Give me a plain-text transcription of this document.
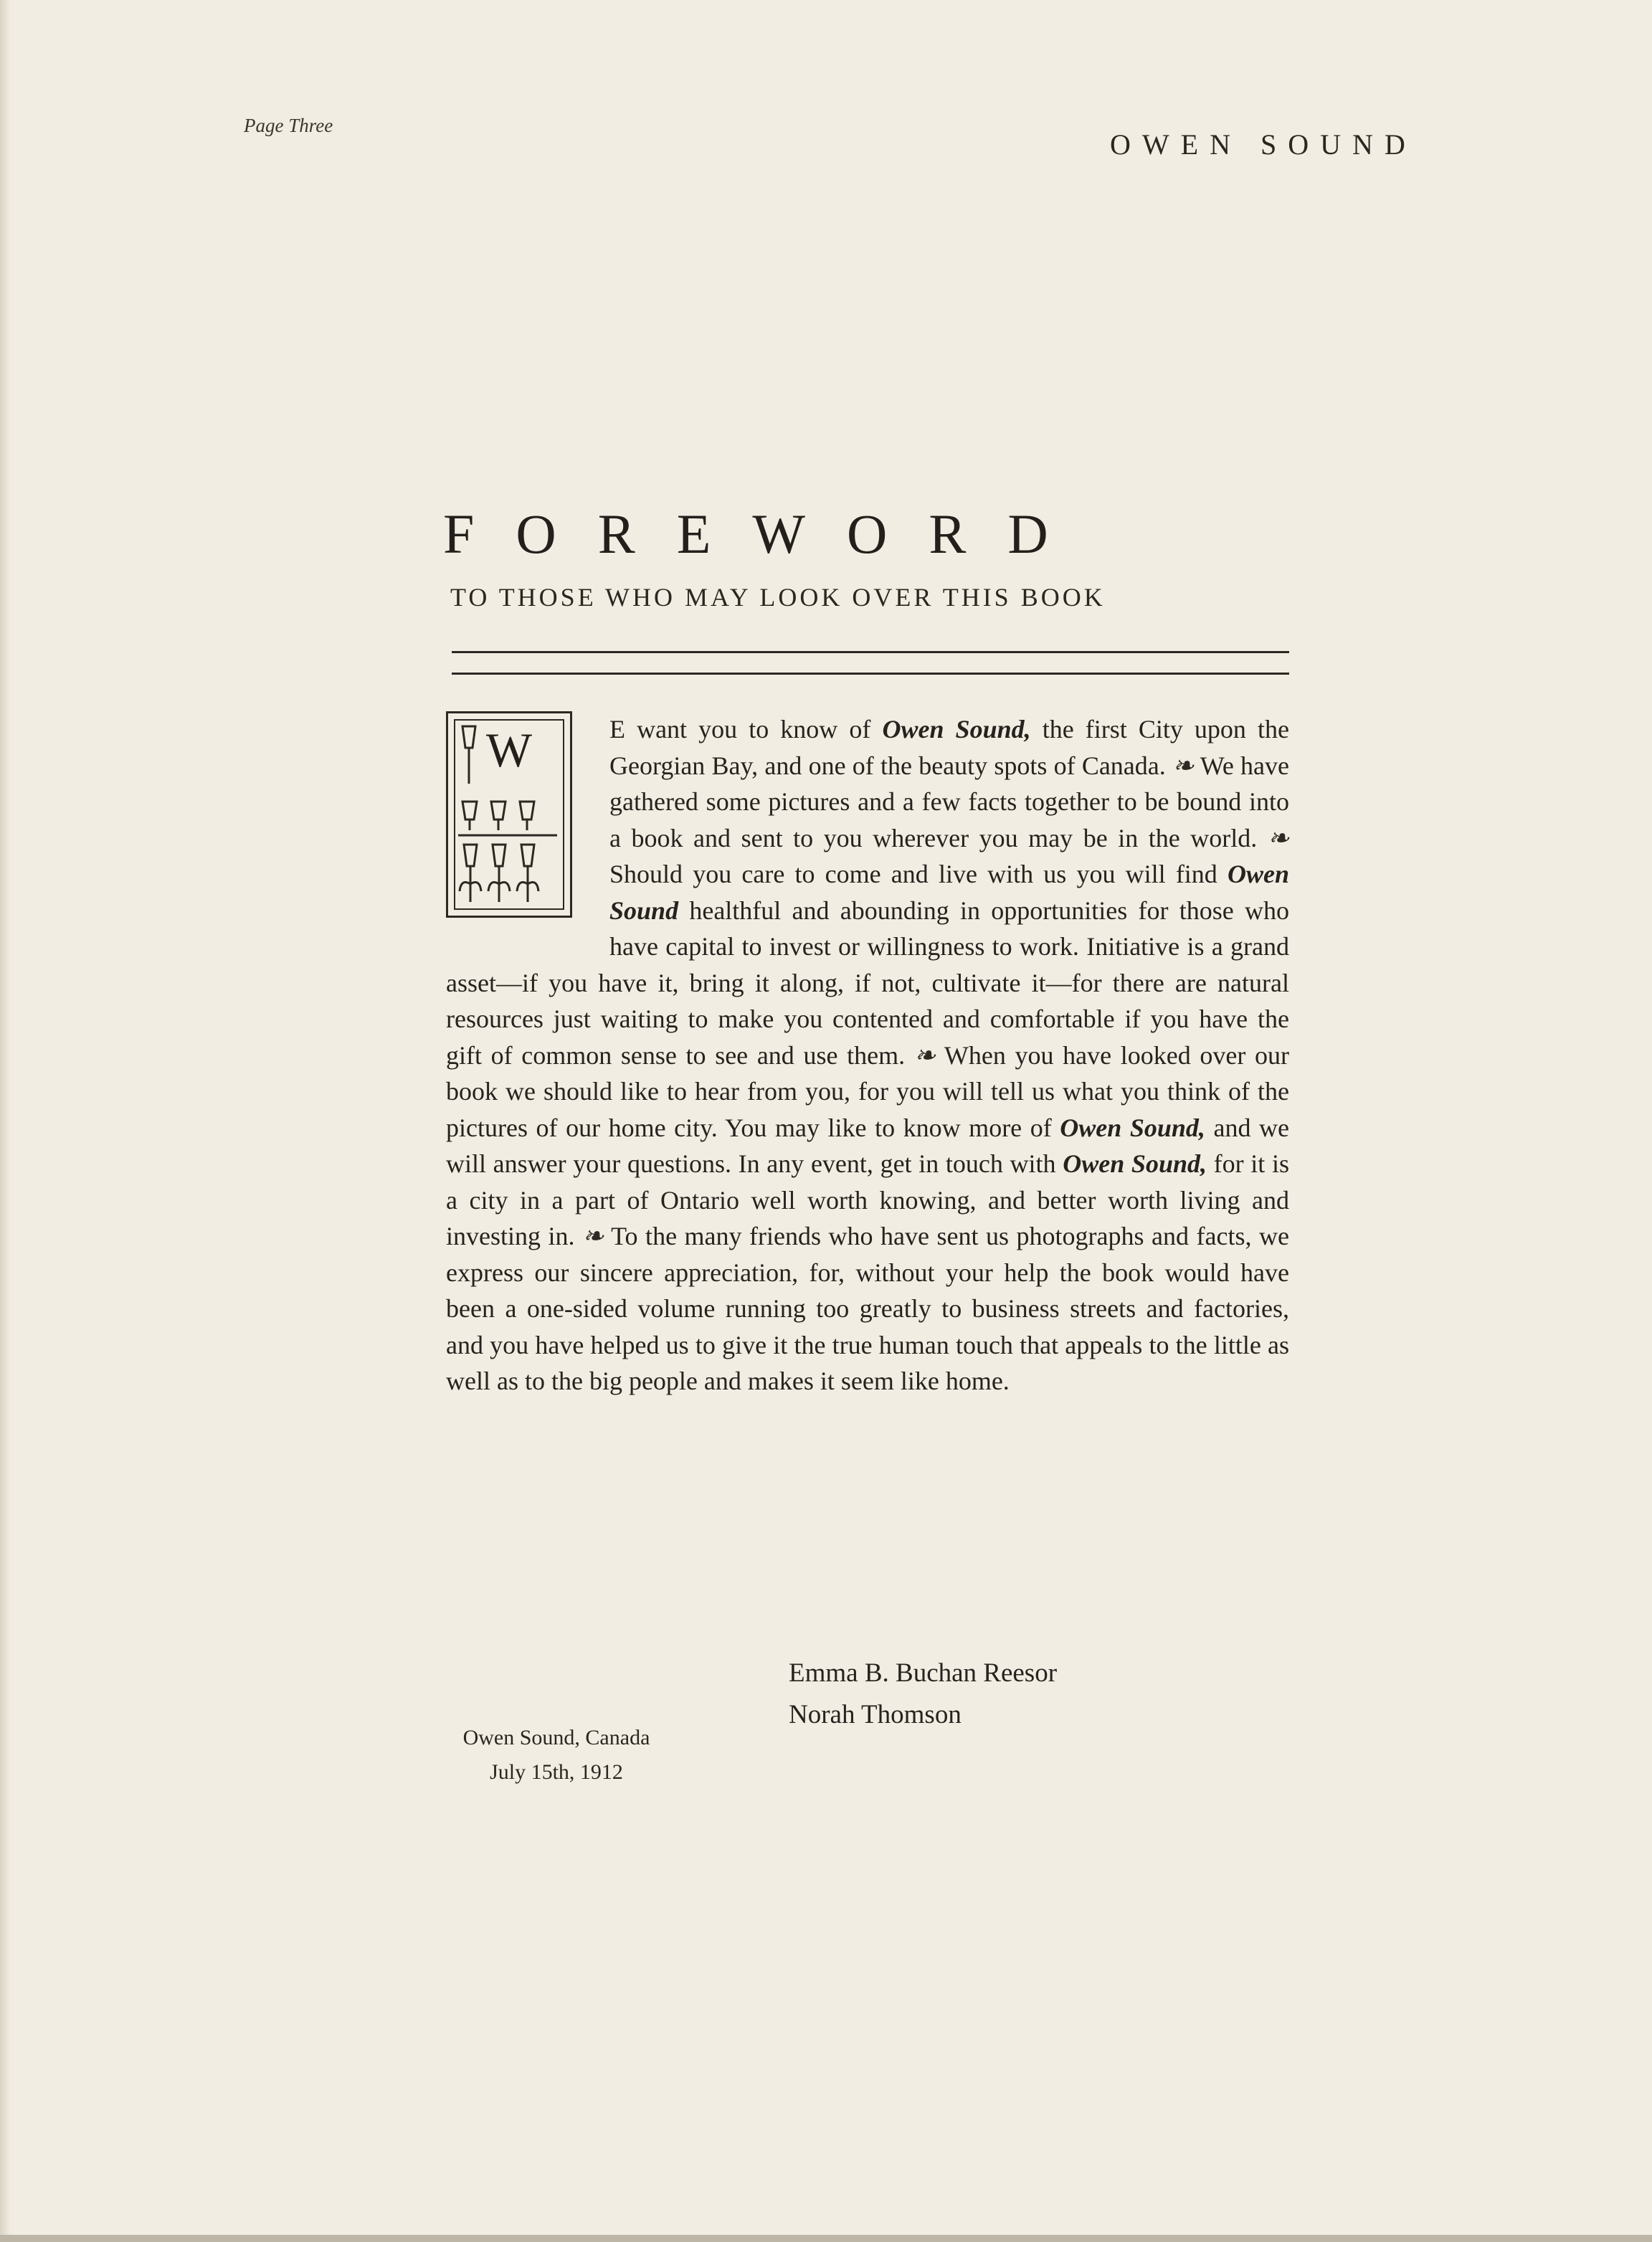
Page Three
OWEN SOUND
FOREWORD
TO THOSE WHO MAY LOOK OVER THIS BOOK
E want you to know of Owen Sound, the first City upon the Georgian Bay, and one of the beauty spots of Canada. ❧ We have gathered some pictures and a few facts together to be bound into a book and sent to you wherever you may be in the world. ❧ Should you care to come and live with us you will find Owen Sound healthful and abounding in opportunities for those who have capital to invest or willingness to work. Initiative is a grand asset—if you have it, bring it along, if not, cultivate it—for there are natural resources just waiting to make you contented and comfortable if you have the gift of common sense to see and use them. ❧ When you have looked over our book we should like to hear from you, for you will tell us what you think of the pictures of our home city. You may like to know more of Owen Sound, and we will answer your questions. In any event, get in touch with Owen Sound, for it is a city in a part of Ontario well worth knowing, and better worth living and investing in. ❧ To the many friends who have sent us photographs and facts, we express our sincere appreciation, for, without your help the book would have been a one-sided volume running too greatly to business streets and factories, and you have helped us to give it the true human touch that appeals to the little as well as to the big people and makes it seem like home.
W
Emma B. Buchan Reesor
Norah Thomson
Owen Sound, Canada
July 15th, 1912
